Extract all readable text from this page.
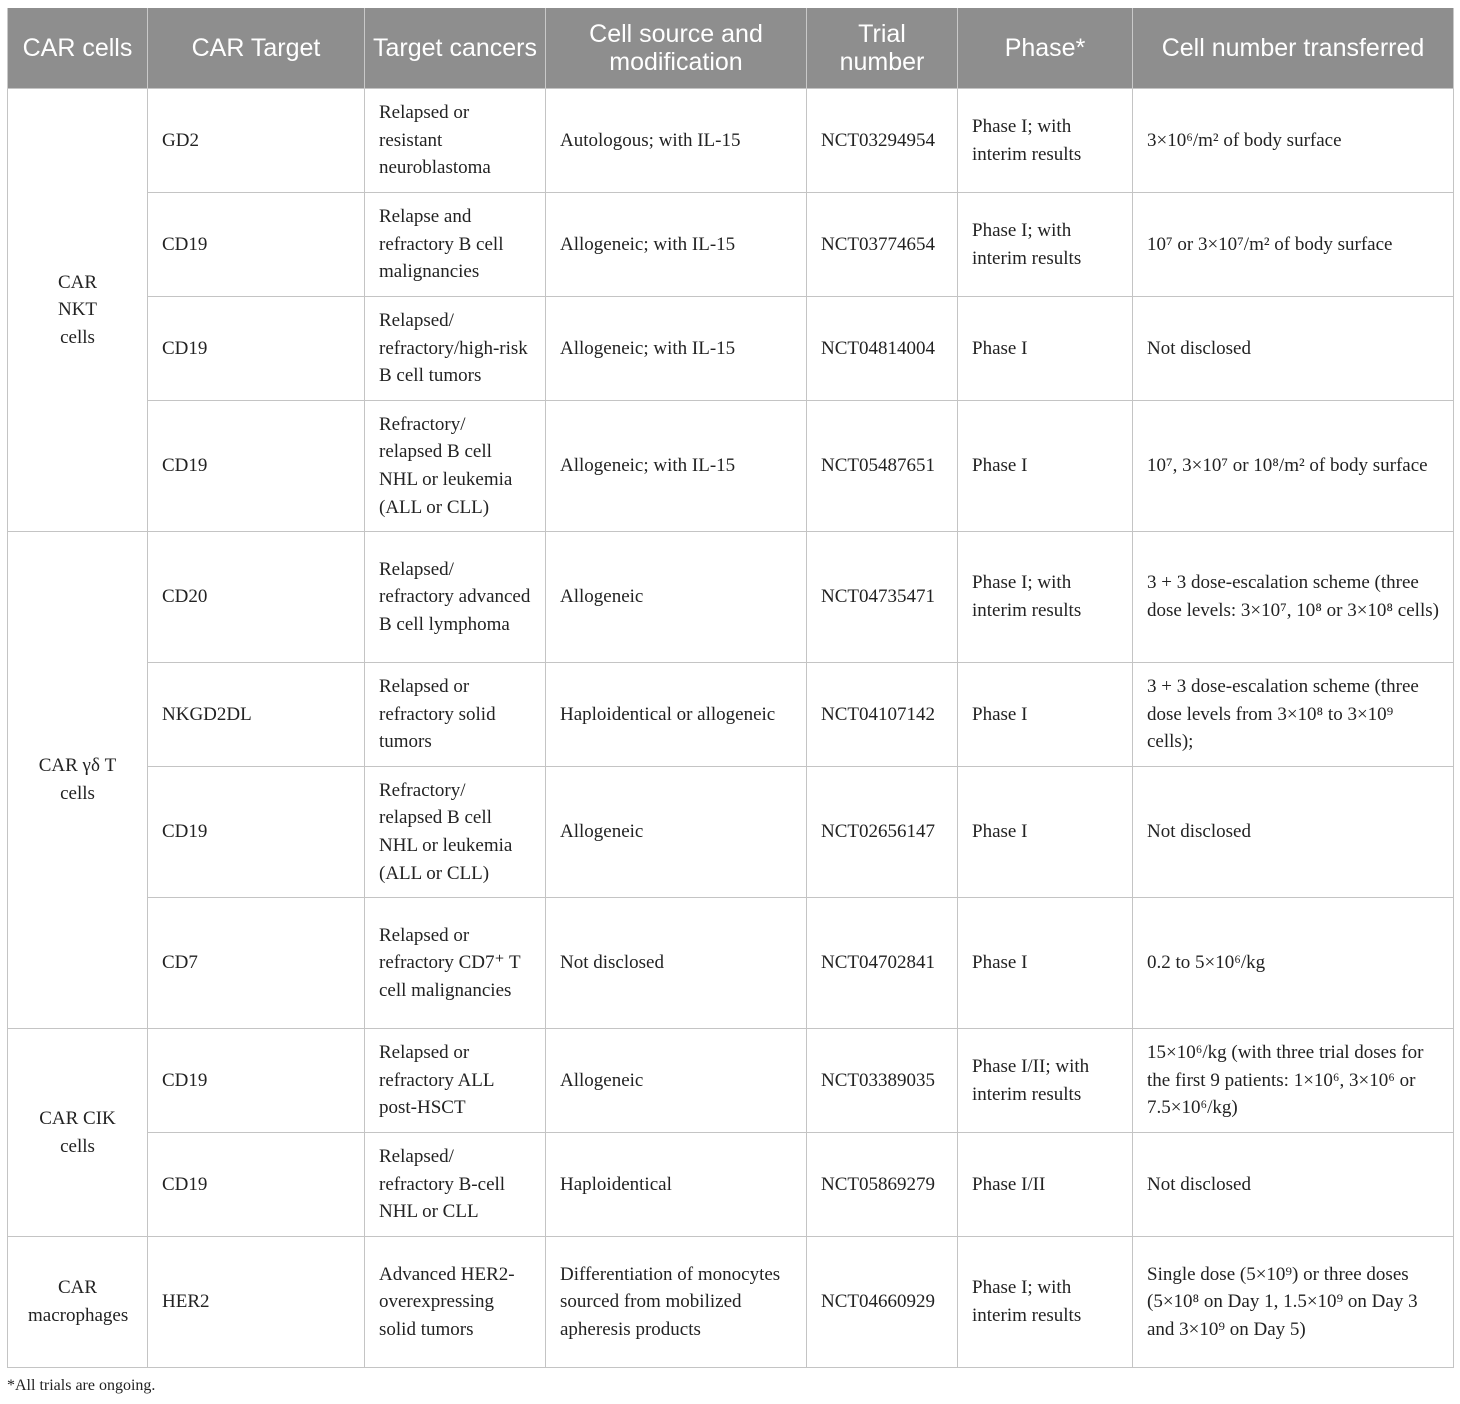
CAR cells	CAR Target	Target cancers	Cell source and modification	Trial number	Phase*	Cell number transferred
CAR NKT cells	GD2	Relapsed or resistant neuroblastoma	Autologous; with IL-15	NCT03294954	Phase I; with interim results	3×10⁶/m² of body surface
	CD19	Relapse and refractory B cell malignancies	Allogeneic; with IL-15	NCT03774654	Phase I; with interim results	10⁷ or 3×10⁷/m² of body surface
	CD19	Relapsed/ refractory/high-risk B cell tumors	Allogeneic; with IL-15	NCT04814004	Phase I	Not disclosed
	CD19	Refractory/ relapsed B cell NHL or leukemia (ALL or CLL)	Allogeneic; with IL-15	NCT05487651	Phase I	10⁷, 3×10⁷ or 10⁸/m² of body surface
CAR γδ T cells	CD20	Relapsed/ refractory advanced B cell lymphoma	Allogeneic	NCT04735471	Phase I; with interim results	3 + 3 dose-escalation scheme (three dose levels: 3×10⁷, 10⁸ or 3×10⁸ cells)
	NKGD2DL	Relapsed or refractory solid tumors	Haploidentical or allogeneic	NCT04107142	Phase I	3 + 3 dose-escalation scheme (three dose levels from 3×10⁸ to 3×10⁹ cells);
	CD19	Refractory/ relapsed B cell NHL or leukemia (ALL or CLL)	Allogeneic	NCT02656147	Phase I	Not disclosed
	CD7	Relapsed or refractory CD7⁺ T cell malignancies	Not disclosed	NCT04702841	Phase I	0.2 to 5×10⁶/kg
CAR CIK cells	CD19	Relapsed or refractory ALL post-HSCT	Allogeneic	NCT03389035	Phase I/II; with interim results	15×10⁶/kg (with three trial doses for the first 9 patients: 1×10⁶, 3×10⁶ or 7.5×10⁶/kg)
	CD19	Relapsed/ refractory B-cell NHL or CLL	Haploidentical	NCT05869279	Phase I/II	Not disclosed
CAR macrophages	HER2	Advanced HER2-overexpressing solid tumors	Differentiation of monocytes sourced from mobilized apheresis products	NCT04660929	Phase I; with interim results	Single dose (5×10⁹) or three doses (5×10⁸ on Day 1, 1.5×10⁹ on Day 3 and 3×10⁹ on Day 5)
*All trials are ongoing.
